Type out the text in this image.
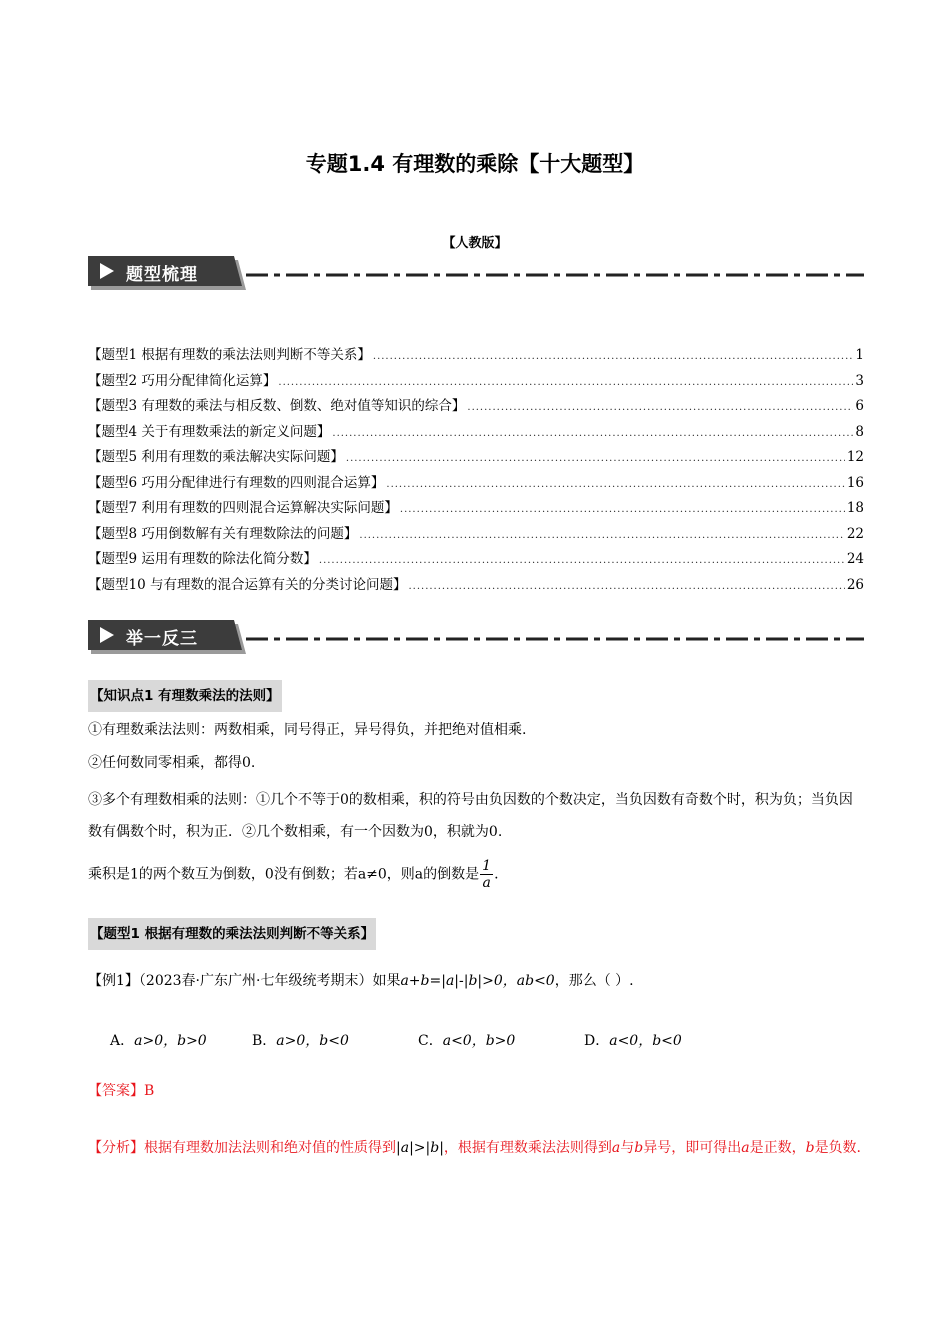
专题1.4 有理数的乘除【十大题型】
【人教版】
题型梳理
【题型1 根据有理数的乘法法则判断不等关系】 .....	1
【题型2 巧用分配律简化运算】 .....	3
【题型3 有理数的乘法与相反数、倒数、绝对值等知识的综合】 .....	6
【题型4 关于有理数乘法的新定义问题】 .....	8
【题型5 利用有理数的乘法解决实际问题】 .....	12
【题型6 巧用分配律进行有理数的四则混合运算】 .....	16
【题型7 利用有理数的四则混合运算解决实际问题】 .....	18
【题型8 巧用倒数解有关有理数除法的问题】 .....	22
【题型9 运用有理数的除法化简分数】 .....	24
【题型10 与有理数的混合运算有关的分类讨论问题】 .....	26
举一反三
【知识点1 有理数乘法的法则】
①有理数乘法法则：两数相乘，同号得正，异号得负，并把绝对值相乘.
②任何数同零相乘，都得0.
③多个有理数相乘的法则：①几个不等于0的数相乘，积的符号由负因数的个数决定，当负因数有奇数个时，积为负；当负因数有偶数个时，积为正．②几个数相乘，有一个因数为0，积就为0.
乘积是1的两个数互为倒数，0没有倒数；若a≠0，则a的倒数是 $\frac{1}{a}$ .
【题型1 根据有理数的乘法法则判断不等关系】
【例1】（2023春·广东广州·七年级统考期末）如果a+b=|a|-|b|>0，ab<0，那么（ ）.
A．a>0，b>0	B．a>0，b<0	C．a<0，b>0	D．a<0，b<0
【答案】B
【分析】根据有理数加法法则和绝对值的性质得到|a|>|b|，根据有理数乘法法则得到a与b异号，即可得出a是正数，b是负数.
